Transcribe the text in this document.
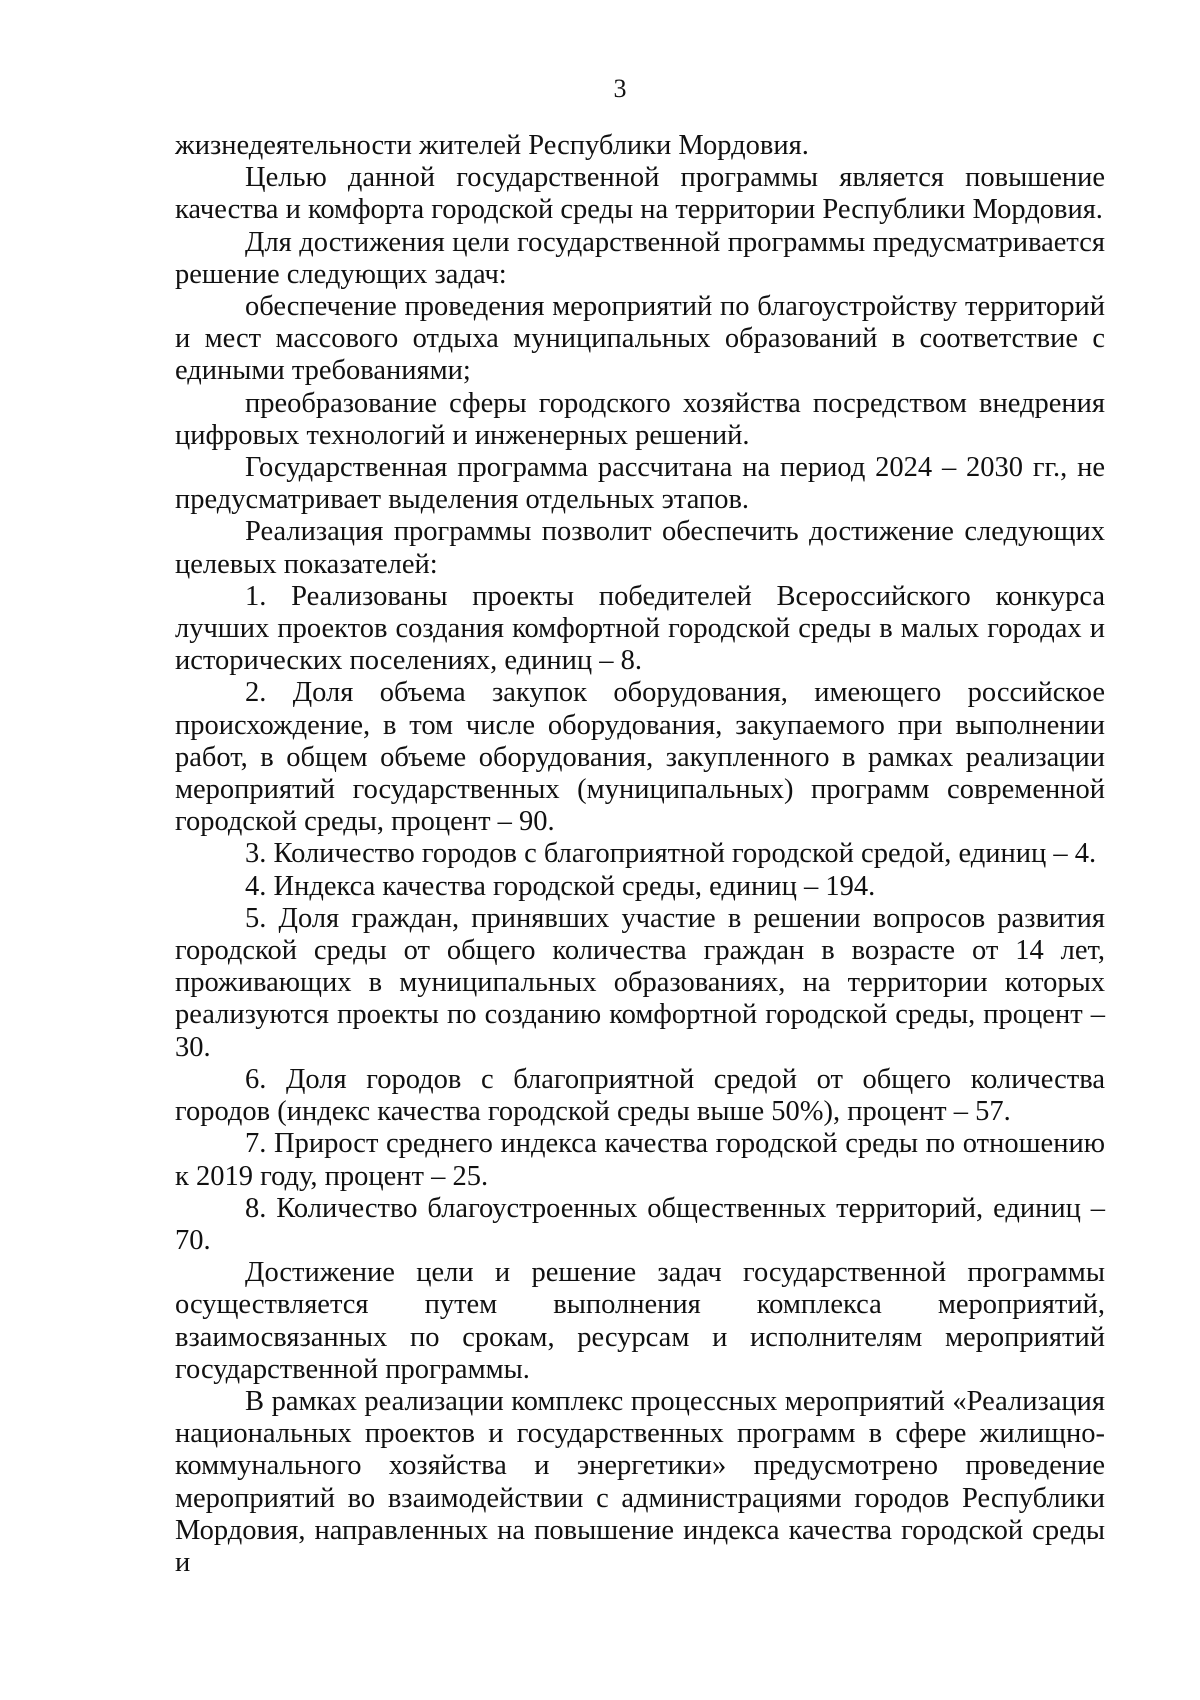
3

жизнедеятельности жителей Республики Мордовия.

Целью данной государственной программы является повышение качества и комфорта городской среды на территории Республики Мордовия.

Для достижения цели государственной программы предусматривается решение следующих задач:

обеспечение проведения мероприятий по благоустройству территорий и мест массового отдыха муниципальных образований в соответствие с едиными требованиями;

преобразование сферы городского хозяйства посредством внедрения цифровых технологий и инженерных решений.

Государственная программа рассчитана на период 2024 – 2030 гг., не предусматривает выделения отдельных этапов.

Реализация программы позволит обеспечить достижение следующих целевых показателей:

1. Реализованы проекты победителей Всероссийского конкурса лучших проектов создания комфортной городской среды в малых городах и исторических поселениях, единиц – 8.

2. Доля объема закупок оборудования, имеющего российское происхождение, в том числе оборудования, закупаемого при выполнении работ, в общем объеме оборудования, закупленного в рамках реализации мероприятий государственных (муниципальных) программ современной городской среды, процент – 90.

3. Количество городов с благоприятной городской средой, единиц – 4.

4. Индекса качества городской среды, единиц – 194.

5. Доля граждан, принявших участие в решении вопросов развития городской среды от общего количества граждан в возрасте от 14 лет, проживающих в муниципальных образованиях, на территории которых реализуются проекты по созданию комфортной городской среды, процент – 30.

6. Доля городов с благоприятной средой от общего количества городов (индекс качества городской среды выше 50%), процент – 57.

7. Прирост среднего индекса качества городской среды по отношению к 2019 году, процент – 25.

8. Количество благоустроенных общественных территорий, единиц – 70.

Достижение цели и решение задач государственной программы осуществляется путем выполнения комплекса мероприятий, взаимосвязанных по срокам, ресурсам и исполнителям мероприятий государственной программы.

В рамках реализации комплекс процессных мероприятий «Реализация национальных проектов и государственных программ в сфере жилищно-коммунального хозяйства и энергетики» предусмотрено проведение мероприятий во взаимодействии с администрациями городов Республики Мордовия, направленных на повышение индекса качества городской среды и
